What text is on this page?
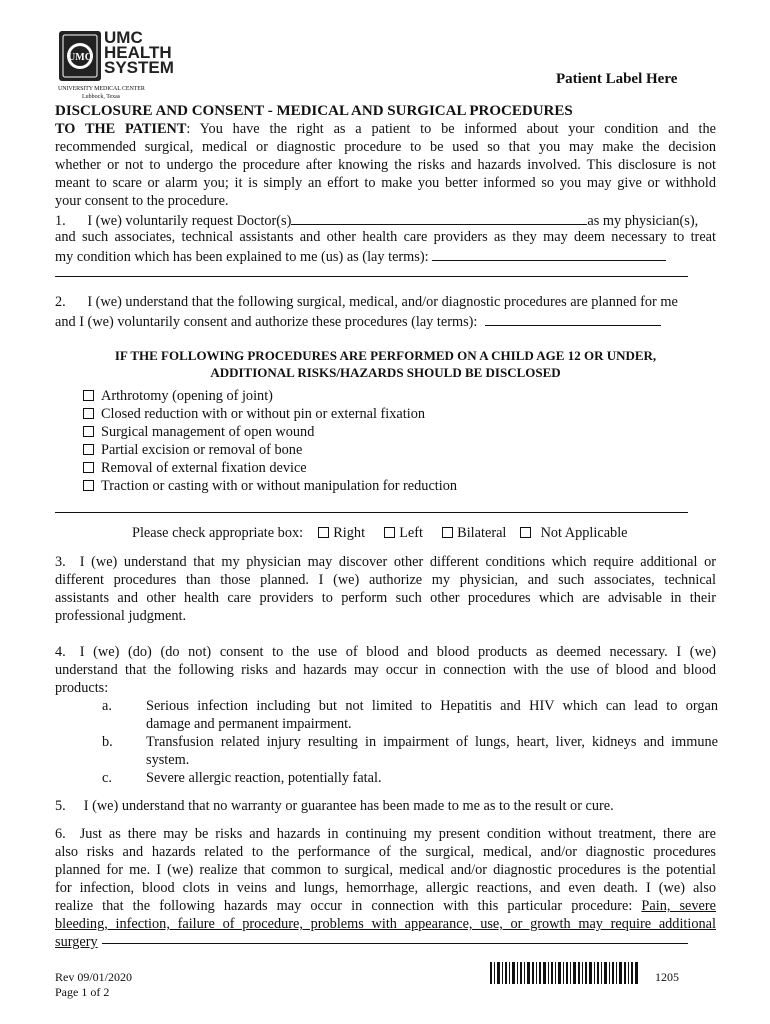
UMC
UMC
HEALTH
SYSTEM
UNIVERSITY MEDICAL CENTER
Lubbock, Texas
Patient Label Here
DISCLOSURE AND CONSENT - MEDICAL AND SURGICAL PROCEDURES
TO THE PATIENT: You have the right as a patient to be informed about your condition and the
recommended surgical, medical or diagnostic procedure to be used so that you may make the decision
whether or not to undergo the procedure after knowing the risks and hazards involved. This disclosure is not
meant to scare or alarm you; it is simply an effort to make you better informed so you may give or withhold
your consent to the procedure.
1. I (we) voluntarily request Doctor(s)	as my physician(s),
and such associates, technical assistants and other health care providers as they may deem necessary to treat
my condition which has been explained to me (us) as (lay terms):
2. I (we) understand that the following surgical, medical, and/or diagnostic procedures are planned for me
and I (we) voluntarily consent and authorize these procedures (lay terms):
IF THE FOLLOWING PROCEDURES ARE PERFORMED ON A CHILD AGE 12 OR UNDER,
ADDITIONAL RISKS/HAZARDS SHOULD BE DISCLOSED
Arthrotomy (opening of joint)
Closed reduction with or without pin or external fixation
Surgical management of open wound
Partial excision or removal of bone
Removal of external fixation device
Traction or casting with or without manipulation for reduction
Please check appropriate box: Right Left Bilateral Not Applicable
3. I (we) understand that my physician may discover other different conditions which require additional or
different procedures than those planned. I (we) authorize my physician, and such associates, technical
assistants and other health care providers to perform such other procedures which are advisable in their
professional judgment.
4. I (we) (do) (do not) consent to the use of blood and blood products as deemed necessary. I (we)
understand that the following risks and hazards may occur in connection with the use of blood and blood
products:
a. Serious infection including but not limited to Hepatitis and HIV which can lead to organ
damage and permanent impairment.
b. Transfusion related injury resulting in impairment of lungs, heart, liver, kidneys and immune
system.
c. Severe allergic reaction, potentially fatal.
5. I (we) understand that no warranty or guarantee has been made to me as to the result or cure.
6. Just as there may be risks and hazards in continuing my present condition without treatment, there are
also risks and hazards related to the performance of the surgical, medical, and/or diagnostic procedures
planned for me. I (we) realize that common to surgical, medical and/or diagnostic procedures is the potential
for infection, blood clots in veins and lungs, hemorrhage, allergic reactions, and even death. I (we) also
realize that the following hazards may occur in connection with this particular procedure: Pain, severe
bleeding, infection, failure of procedure, problems with appearance, use, or growth may require additional
surgery
Rev 09/01/2020
Page 1 of 2
1205
